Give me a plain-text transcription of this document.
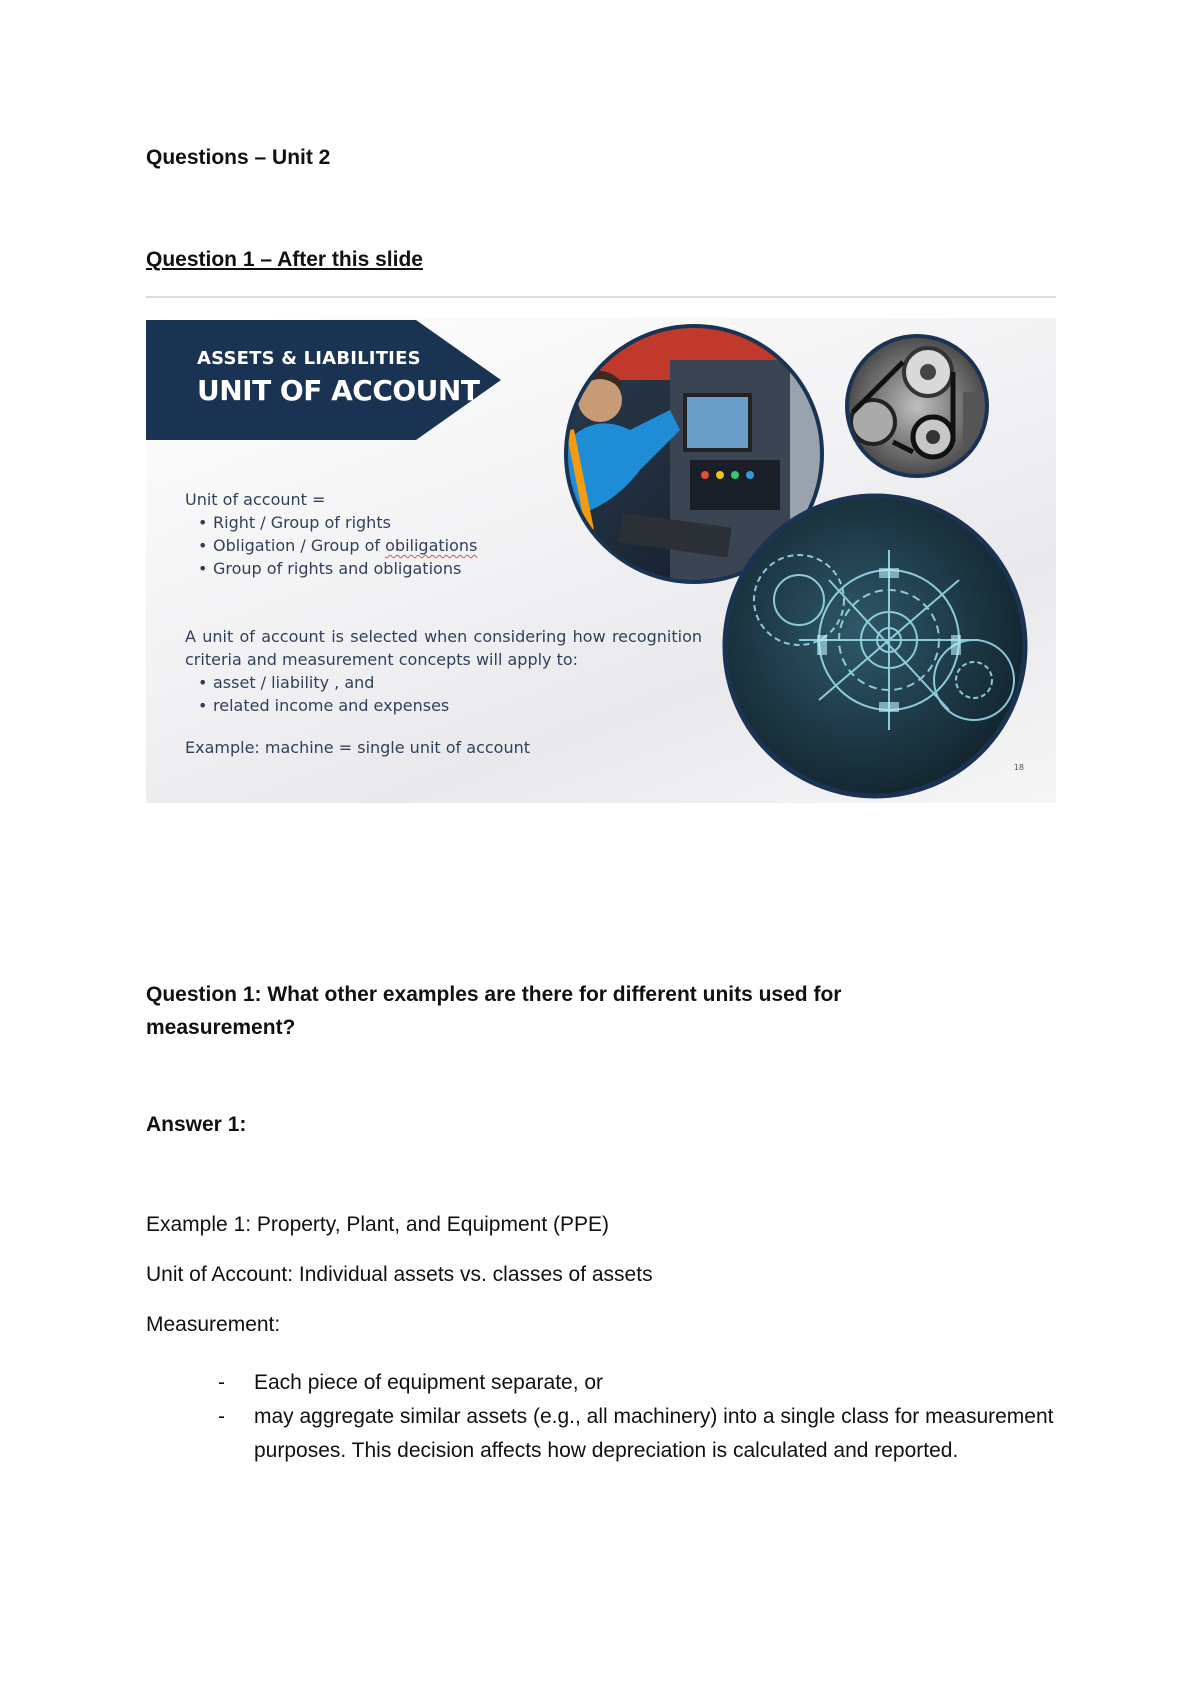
Questions – Unit 2
Question 1 – After this slide
ASSETS & LIABILITIES
UNIT OF ACCOUNT
Unit of account =
• Right / Group of rights
• Obligation / Group of obiligations
• Group of rights and obligations
A unit of account is selected when considering how recognition criteria and measurement concepts will apply to:
• asset / liability , and
• related income and expenses
Example: machine = single unit of account
18
Question 1: What other examples are there for different units used for measurement?
Answer 1:
Example 1: Property, Plant, and Equipment (PPE)
Unit of Account: Individual assets vs. classes of assets
Measurement:
- Each piece of equipment separate, or
- may aggregate similar assets (e.g., all machinery) into a single class for measurement purposes. This decision affects how depreciation is calculated and reported.
